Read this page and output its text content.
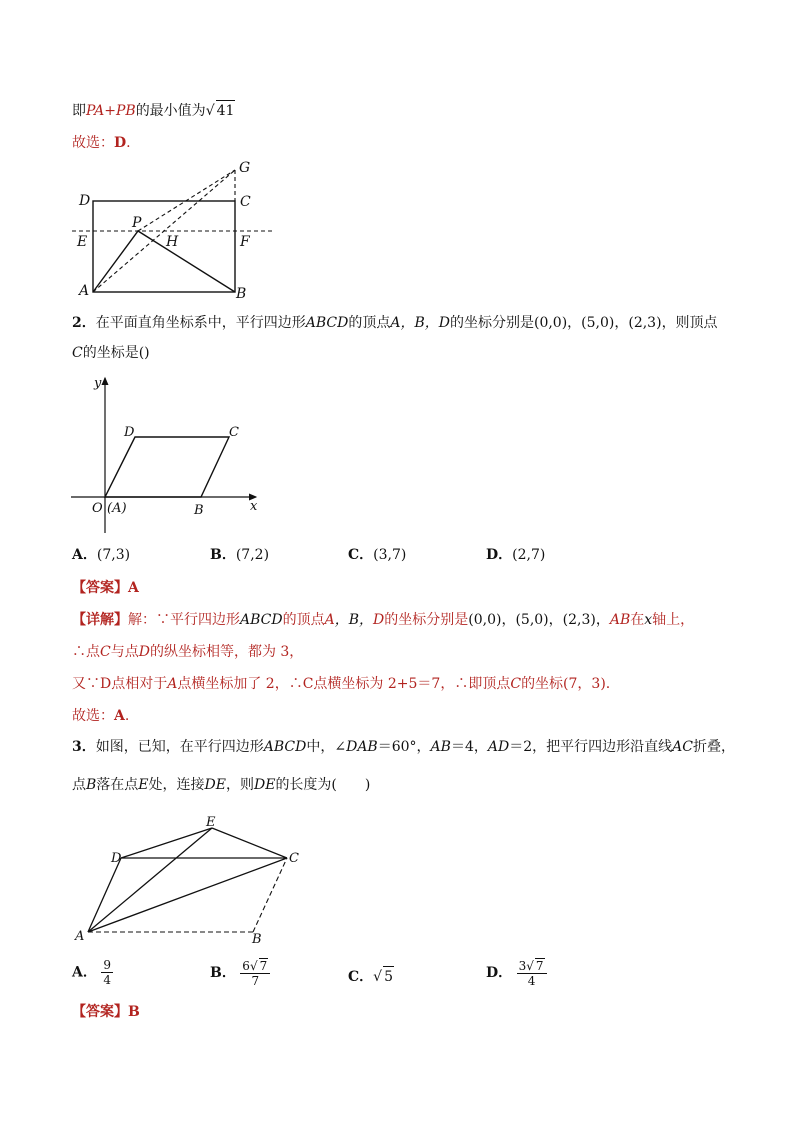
即PA+PB的最小值为√ 41
故选：D.
G
D	C
P
E	H	F
A	B
2．在平面直角坐标系中，平行四边形ABCD的顶点A，B，D的坐标分别是(0,0)，(5,0)，(2,3)，则顶点
C的坐标是()
y
x
O (A)	B
C
D
A．(7,3)	B．(7,2)	C．(3,7)	D．(2,7)
【答案】A
【详解】解：∵平行四边形ABCD的顶点A，B，D的坐标分别是(0,0)，(5,0)，(2,3)，AB在x轴上，
∴点C与点D的纵坐标相等，都为 3，
又∵D点相对于A点横坐标加了 2，∴C点横坐标为 2+5＝7，∴即顶点C的坐标(7，3).
故选：A.
3．如图，已知，在平行四边形ABCD中，∠DAB＝60°，AB＝4，AD＝2，把平行四边形沿直线AC折叠，
点B落在点E处，连接DE，则DE的长度为(　　)
E
D	C
A	B
A． $\frac{9}{4}$	B． $\frac{6√ 7}{7}$	C．√ 5	D． $\frac{3√ 7}{4}$
【答案】B
